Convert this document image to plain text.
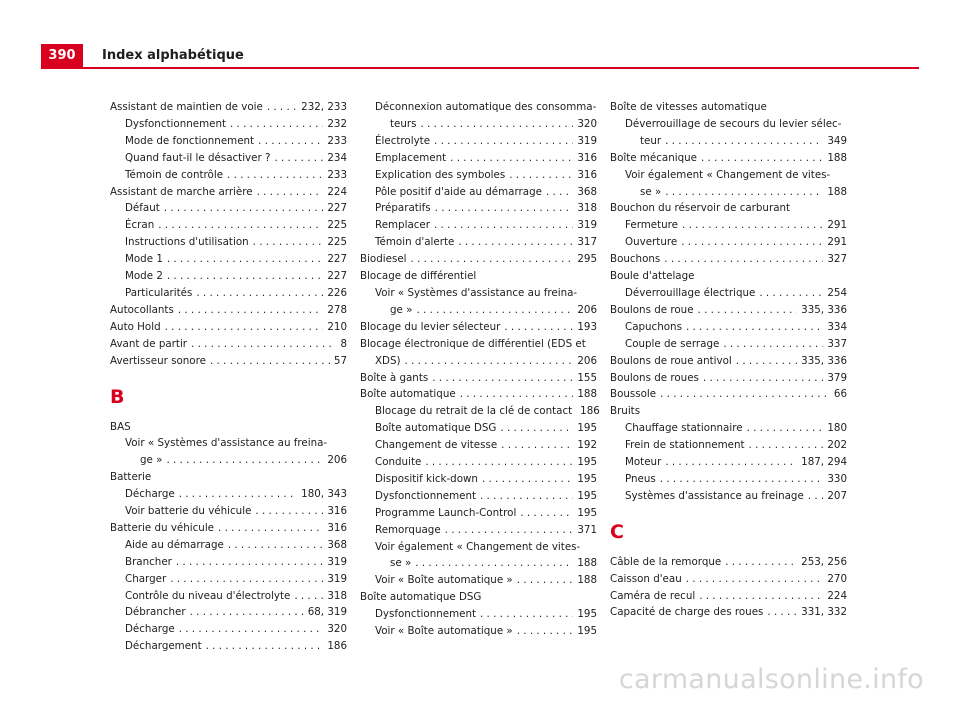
390	Index alphabétique
Assistant de maintien de voie . . .	232, 233
Dysfonctionnement . . .	232
Mode de fonctionnement . . .	233
Quand faut-il le désactiver ? . . .	234
Témoin de contrôle . . .	233
Assistant de marche arrière . . .	224
Défaut . . .	227
Écran . . .	225
Instructions d'utilisation . . .	225
Mode 1 . . .	227
Mode 2 . . .	227
Particularités . . .	226
Autocollants . . .	278
Auto Hold . . .	210
Avant de partir . . .	8
Avertisseur sonore . . .	57
B
BAS
Voir « Systèmes d'assistance au freina-
ge » . . .	206
Batterie
Décharge . . .	180, 343
Voir batterie du véhicule . . .	316
Batterie du véhicule . . .	316
Aide au démarrage . . .	368
Brancher . . .	319
Charger . . .	319
Contrôle du niveau d'électrolyte . . .	318
Débrancher . . .	68, 319
Décharge . . .	320
Déchargement . . .	186
Déconnexion automatique des consomma-
teurs . . .	320
Électrolyte . . .	319
Emplacement . . .	316
Explication des symboles . . .	316
Pôle positif d'aide au démarrage . . .	368
Préparatifs . . .	318
Remplacer . . .	319
Témoin d'alerte . . .	317
Biodiesel . . .	295
Blocage de différentiel
Voir « Systèmes d'assistance au freina-
ge » . . .	206
Blocage du levier sélecteur . . .	193
Blocage électronique de différentiel (EDS et
XDS) . . .	206
Boîte à gants . . .	155
Boîte automatique . . .	188
Blocage du retrait de la clé de contact 186
Boîte automatique DSG . . .	195
Changement de vitesse . . .	192
Conduite . . .	195
Dispositif kick-down . . .	195
Dysfonctionnement . . .	195
Programme Launch-Control . . .	195
Remorquage . . .	371
Voir également « Changement de vites-
se » . . .	188
Voir « Boîte automatique » . . .	188
Boîte automatique DSG
Dysfonctionnement . . .	195
Voir « Boîte automatique » . . .	195
Boîte de vitesses automatique
Déverrouillage de secours du levier sélec-
teur . . .	349
Boîte mécanique . . .	188
Voir également « Changement de vites-
se » . . .	188
Bouchon du réservoir de carburant
Fermeture . . .	291
Ouverture . . .	291
Bouchons . . .	327
Boule d'attelage
Déverrouillage électrique . . .	254
Boulons de roue . . .	335, 336
Capuchons . . .	334
Couple de serrage . . .	337
Boulons de roue antivol . . .	335, 336
Boulons de roues . . .	379
Boussole . . .	66
Bruits
Chauffage stationnaire . . .	180
Frein de stationnement . . .	202
Moteur . . .	187, 294
Pneus . . .	330
Systèmes d'assistance au freinage . . . 207
C
Câble de la remorque . . .	253, 256
Caisson d'eau . . .	270
Caméra de recul . . .	224
Capacité de charge des roues . . .	331, 332
carmanualsonline.info
